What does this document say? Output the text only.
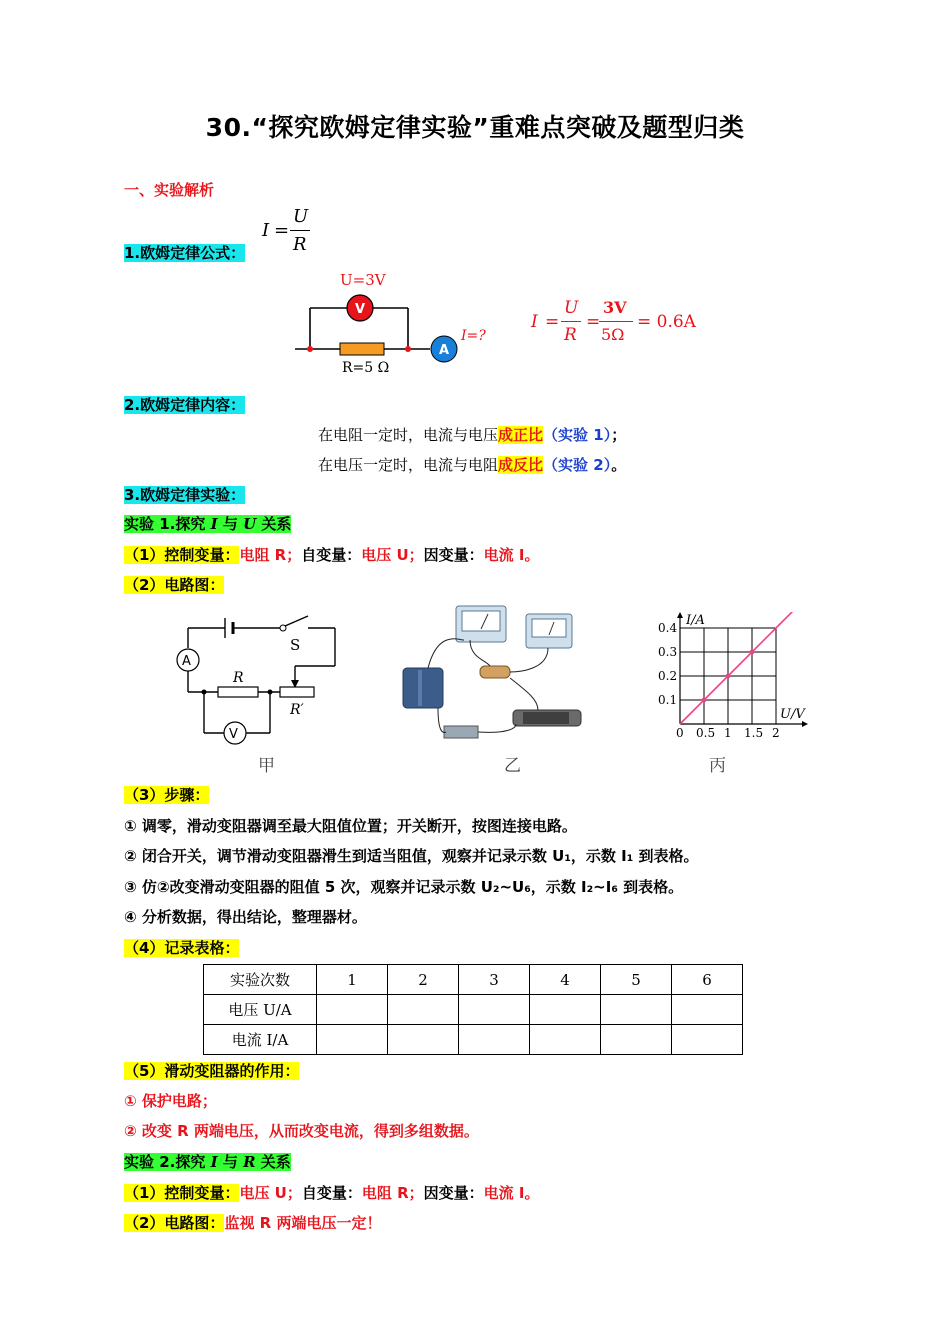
30.“探究欧姆定律实验”重难点突破及题型归类
一、实验解析
I =
U
R
1.欧姆定律公式：
U=3V
V
A
I=?
R=5 Ω
I =
U
R
=
3V
5Ω
= 0.6A
2.欧姆定律内容：
在电阻一定时，电流与电压成正比（实验 1）；
在电压一定时，电流与电阻成反比（实验 2）。
3.欧姆定律实验：
实验 1.探究 I 与 U 关系
（1）控制变量：电阻 R；自变量：电压 U；因变量：电流 I。
（2）电路图：
S
A
R
R′
V
I/A
U/V
0 0.5 1 1.5 2
0.1
0.2
0.3
0.4
甲	乙	丙
（3）步骤：
① 调零，滑动变阻器调至最大阻值位置；开关断开，按图连接电路。
② 闭合开关，调节滑动变阻器滑生到适当阻值，观察并记录示数 U₁，示数 I₁ 到表格。
③ 仿②改变滑动变阻器的阻值 5 次，观察并记录示数 U₂~U₆，示数 I₂~I₆ 到表格。
④ 分析数据，得出结论，整理器材。
（4）记录表格：
实验次数	1	2	3	4	5	6
电压 U/A						
电流 I/A						
（5）滑动变阻器的作用：
① 保护电路；
② 改变 R 两端电压，从而改变电流，得到多组数据。
实验 2.探究 I 与 R 关系
（1）控制变量：电压 U；自变量：电阻 R；因变量：电流 I。
（2）电路图：监视 R 两端电压一定！
